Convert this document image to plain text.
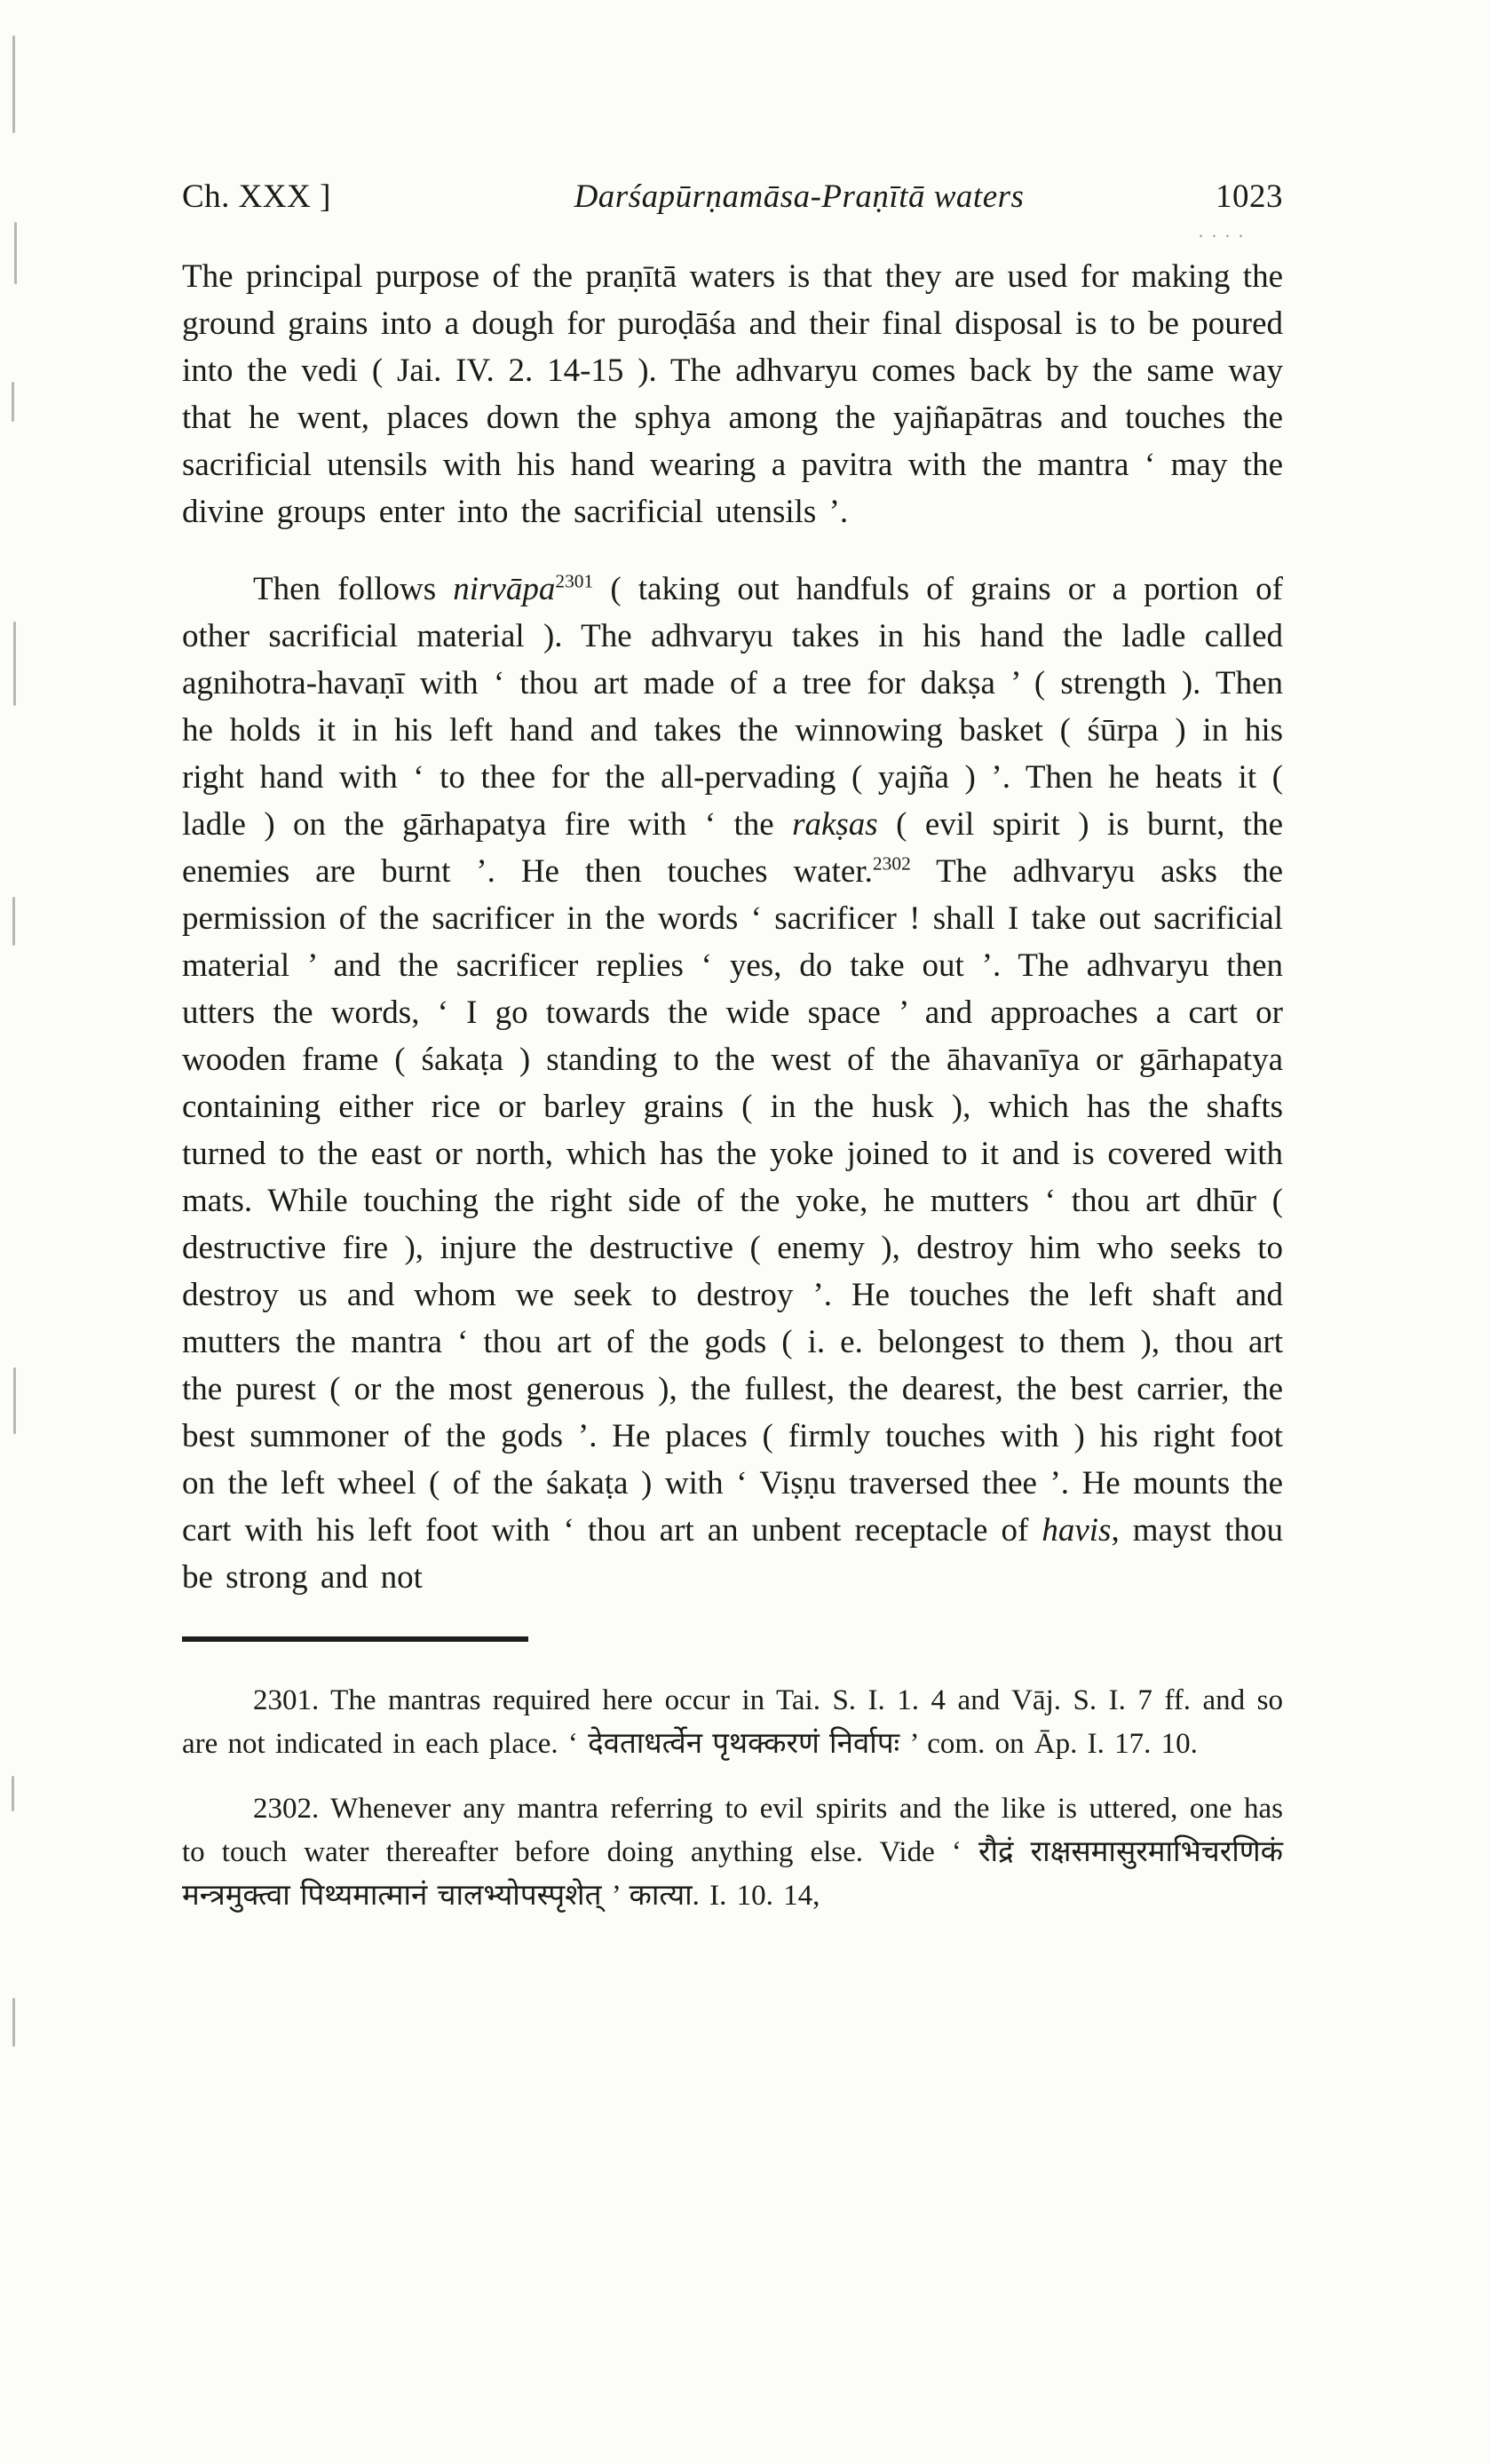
....
Ch. XXX ]	Darśapūrṇamāsa-Praṇītā waters	1023

The principal purpose of the praṇītā waters is that they are used for making the ground grains into a dough for puroḍāśa and their final disposal is to be poured into the vedi ( Jai. IV. 2. 14-15 ). The adhvaryu comes back by the same way that he went, places down the sphya among the yajñapātras and touches the sacrificial utensils with his hand wearing a pavitra with the mantra ‘ may the divine groups enter into the sacrificial utensils ’.

Then follows nirvāpa$^{2301}$ ( taking out handfuls of grains or a portion of other sacrificial material ). The adhvaryu takes in his hand the ladle called agnihotra-havaṇī with ‘ thou art made of a tree for dakṣa ’ ( strength ). Then he holds it in his left hand and takes the winnowing basket ( śūrpa ) in his right hand with ‘ to thee for the all-pervading ( yajña ) ’. Then he heats it ( ladle ) on the gārhapatya fire with ‘ the rakṣas ( evil spirit ) is burnt, the enemies are burnt ’. He then touches water.$^{2302}$ The adhvaryu asks the permission of the sacrificer in the words ‘ sacrificer ! shall I take out sacrificial material ’ and the sacrificer replies ‘ yes, do take out ’. The adhvaryu then utters the words, ‘ I go towards the wide space ’ and approaches a cart or wooden frame ( śakaṭa ) standing to the west of the āhavanīya or gārhapatya containing either rice or barley grains ( in the husk ), which has the shafts turned to the east or north, which has the yoke joined to it and is covered with mats. While touching the right side of the yoke, he mutters ‘ thou art dhūr ( destructive fire ), injure the destructive ( enemy ), destroy him who seeks to destroy us and whom we seek to destroy ’. He touches the left shaft and mutters the mantra ‘ thou art of the gods ( i. e. belongest to them ), thou art the purest ( or the most generous ), the fullest, the dearest, the best carrier, the best summoner of the gods ’. He places ( firmly touches with ) his right foot on the left wheel ( of the śakaṭa ) with ‘ Viṣṇu traversed thee ’. He mounts the cart with his left foot with ‘ thou art an unbent receptacle of havis, mayst thou be strong and not

2301. The mantras required here occur in Tai. S. I. 1. 4 and Vāj. S. I. 7 ff. and so are not indicated in each place. ‘ देवताधर्त्वेन पृथक्करणं निर्वापः ’ com. on Āp. I. 17. 10.

2302. Whenever any mantra referring to evil spirits and the like is uttered, one has to touch water thereafter before doing anything else. Vide ‘ रौद्रं राक्षसमासुरमाभिचरणिकं मन्त्रमुक्त्वा पिथ्यमात्मानं चालभ्योपस्पृशेत् ’ कात्या. I. 10. 14,
